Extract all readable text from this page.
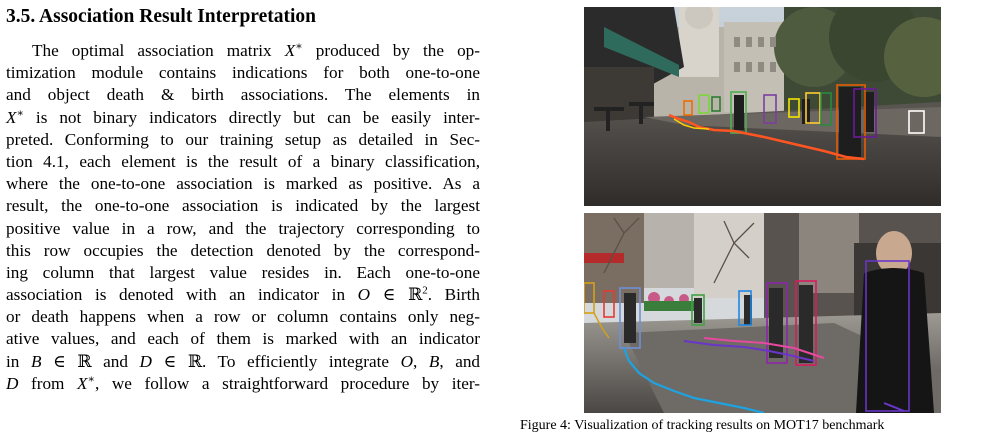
3.5. Association Result Interpretation
The optimal association matrix X∗ produced by the op-
timization module contains indications for both one-to-one
and object death & birth associations. The elements in
X∗ is not binary indicators directly but can be easily inter-
preted. Conforming to our training setup as detailed in Sec-
tion 4.1, each element is the result of a binary classification,
where the one-to-one association is marked as positive. As a
result, the one-to-one association is indicated by the largest
positive value in a row, and the trajectory corresponding to
this row occupies the detection denoted by the correspond-
ing column that largest value resides in. Each one-to-one
association is denoted with an indicator in O ∈ ℝ$^2$. Birth
or death happens when a row or column contains only neg-
ative values, and each of them is marked with an indicator
in B ∈ ℝ and D ∈ ℝ. To efficiently integrate O, B, and
D from X∗, we follow a straightforward procedure by iter-
Figure 4: Visualization of tracking results on MOT17 benchmark
